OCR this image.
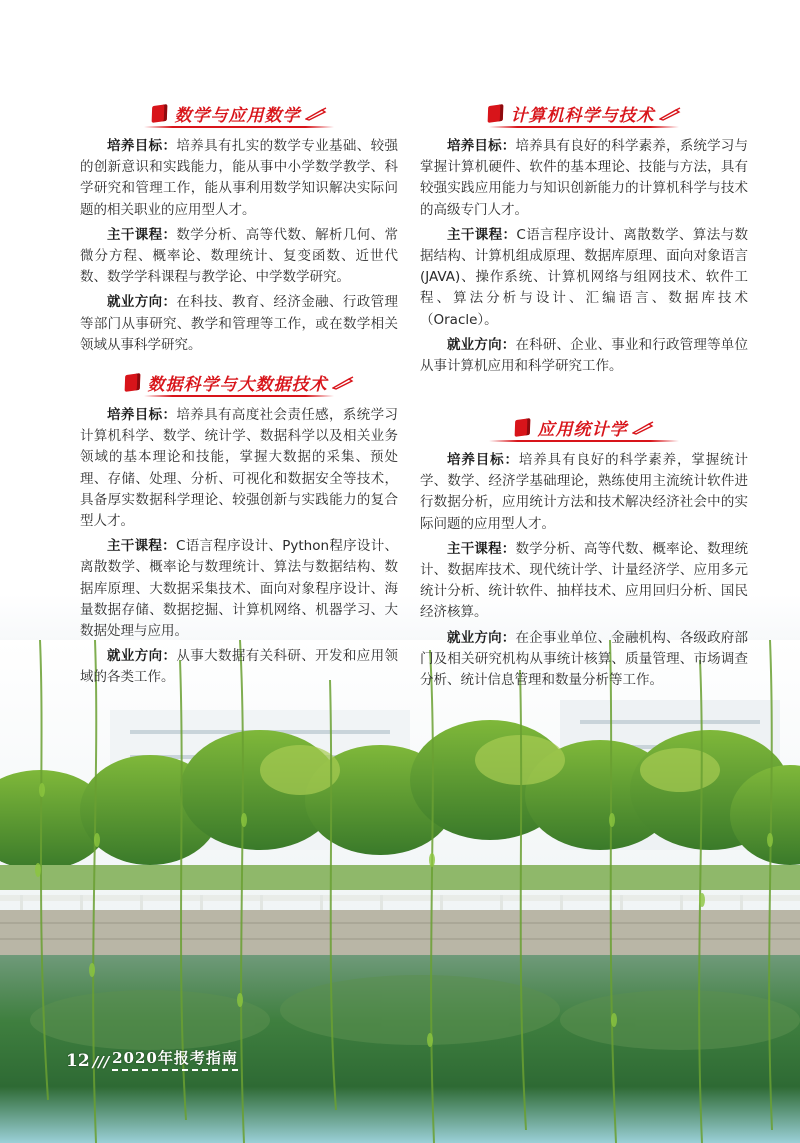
数学与应用数学

培养目标：培养具有扎实的数学专业基础、较强的创新意识和实践能力，能从事中小学数学教学、科学研究和管理工作，能从事利用数学知识解决实际问题的相关职业的应用型人才。

主干课程：数学分析、高等代数、解析几何、常微分方程、概率论、数理统计、复变函数、近世代数、数学学科课程与教学论、中学数学研究。

就业方向：在科技、教育、经济金融、行政管理等部门从事研究、教学和管理等工作，或在数学相关领域从事科学研究。

数据科学与大数据技术

培养目标：培养具有高度社会责任感，系统学习计算机科学、数学、统计学、数据科学以及相关业务领域的基本理论和技能，掌握大数据的采集、预处理、存储、处理、分析、可视化和数据安全等技术，具备厚实数据科学理论、较强创新与实践能力的复合型人才。

主干课程：C语言程序设计、Python程序设计、离散数学、概率论与数理统计、算法与数据结构、数据库原理、大数据采集技术、面向对象程序设计、海量数据存储、数据挖掘、计算机网络、机器学习、大数据处理与应用。

就业方向：从事大数据有关科研、开发和应用领域的各类工作。

计算机科学与技术

培养目标：培养具有良好的科学素养，系统学习与掌握计算机硬件、软件的基本理论、技能与方法，具有较强实践应用能力与知识创新能力的计算机科学与技术的高级专门人才。

主干课程：C语言程序设计、离散数学、算法与数据结构、计算机组成原理、数据库原理、面向对象语言(JAVA)、操作系统、计算机网络与组网技术、软件工程、算法分析与设计、汇编语言、数据库技术（Oracle）。

就业方向：在科研、企业、事业和行政管理等单位从事计算机应用和科学研究工作。

应用统计学

培养目标：培养具有良好的科学素养，掌握统计学、数学、经济学基础理论，熟练使用主流统计软件进行数据分析，应用统计方法和技术解决经济社会中的实际问题的应用型人才。

主干课程：数学分析、高等代数、概率论、数理统计、数据库技术、现代统计学、计量经济学、应用多元统计分析、统计软件、抽样技术、应用回归分析、国民经济核算。

就业方向：在企事业单位、金融机构、各级政府部门及相关研究机构从事统计核算、质量管理、市场调查分析、统计信息管理和数量分析等工作。

12 /// 2020年报考指南
